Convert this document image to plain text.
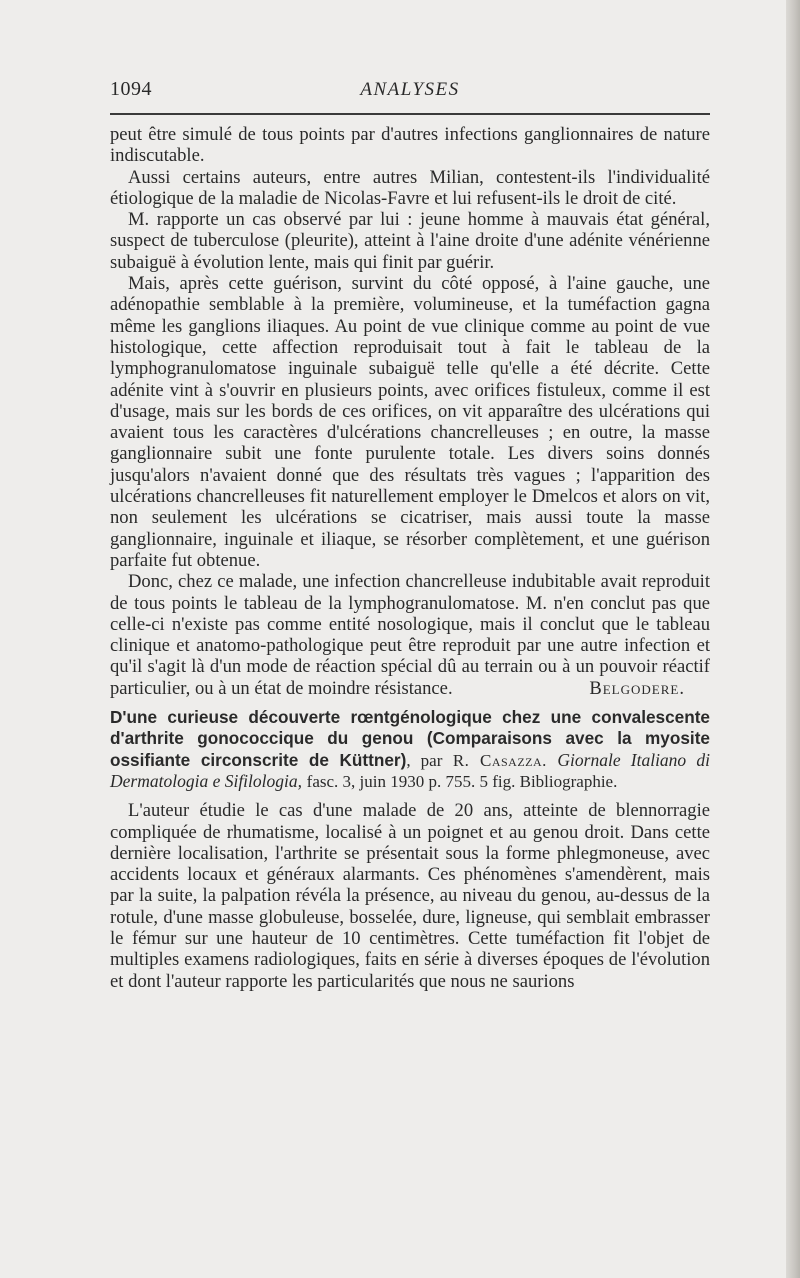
1094	ANALYSES

peut être simulé de tous points par d'autres infections ganglionnaires de nature indiscutable.

Aussi certains auteurs, entre autres Milian, contestent-ils l'individualité étiologique de la maladie de Nicolas-Favre et lui refusent-ils le droit de cité.

M. rapporte un cas observé par lui : jeune homme à mauvais état général, suspect de tuberculose (pleurite), atteint à l'aine droite d'une adénite vénérienne subaiguë à évolution lente, mais qui finit par guérir.

Mais, après cette guérison, survint du côté opposé, à l'aine gauche, une adénopathie semblable à la première, volumineuse, et la tuméfaction gagna même les ganglions iliaques. Au point de vue clinique comme au point de vue histologique, cette affection reproduisait tout à fait le tableau de la lymphogranulomatose inguinale subaiguë telle qu'elle a été décrite. Cette adénite vint à s'ouvrir en plusieurs points, avec orifices fistuleux, comme il est d'usage, mais sur les bords de ces orifices, on vit apparaître des ulcérations qui avaient tous les caractères d'ulcérations chancrelleuses ; en outre, la masse ganglionnaire subit une fonte purulente totale. Les divers soins donnés jusqu'alors n'avaient donné que des résultats très vagues ; l'apparition des ulcérations chancrelleuses fit naturellement employer le Dmelcos et alors on vit, non seulement les ulcérations se cicatriser, mais aussi toute la masse ganglionnaire, inguinale et iliaque, se résorber complètement, et une guérison parfaite fut obtenue.

Donc, chez ce malade, une infection chancrelleuse indubitable avait reproduit de tous points le tableau de la lymphogranulomatose. M. n'en conclut pas que celle-ci n'existe pas comme entité nosologique, mais il conclut que le tableau clinique et anatomo-pathologique peut être reproduit par une autre infection et qu'il s'agit là d'un mode de réaction spécial dû au terrain ou à un pouvoir réactif particulier, ou à un état de moindre résistance.	Belgodere.

D'une curieuse découverte rœntgénologique chez une convalescente d'arthrite gonococcique du genou (Comparaisons avec la myosite ossifiante circonscrite de Küttner), par R. Casazza. Giornale Italiano di Dermatologia e Sifilologia, fasc. 3, juin 1930 p. 755. 5 fig. Bibliographie.

L'auteur étudie le cas d'une malade de 20 ans, atteinte de blennorragie compliquée de rhumatisme, localisé à un poignet et au genou droit. Dans cette dernière localisation, l'arthrite se présentait sous la forme phlegmoneuse, avec accidents locaux et généraux alarmants. Ces phénomènes s'amendèrent, mais par la suite, la palpation révéla la présence, au niveau du genou, au-dessus de la rotule, d'une masse globuleuse, bosselée, dure, ligneuse, qui semblait embrasser le fémur sur une hauteur de 10 centimètres. Cette tuméfaction fit l'objet de multiples examens radiologiques, faits en série à diverses époques de l'évolution et dont l'auteur rapporte les particularités que nous ne saurions
